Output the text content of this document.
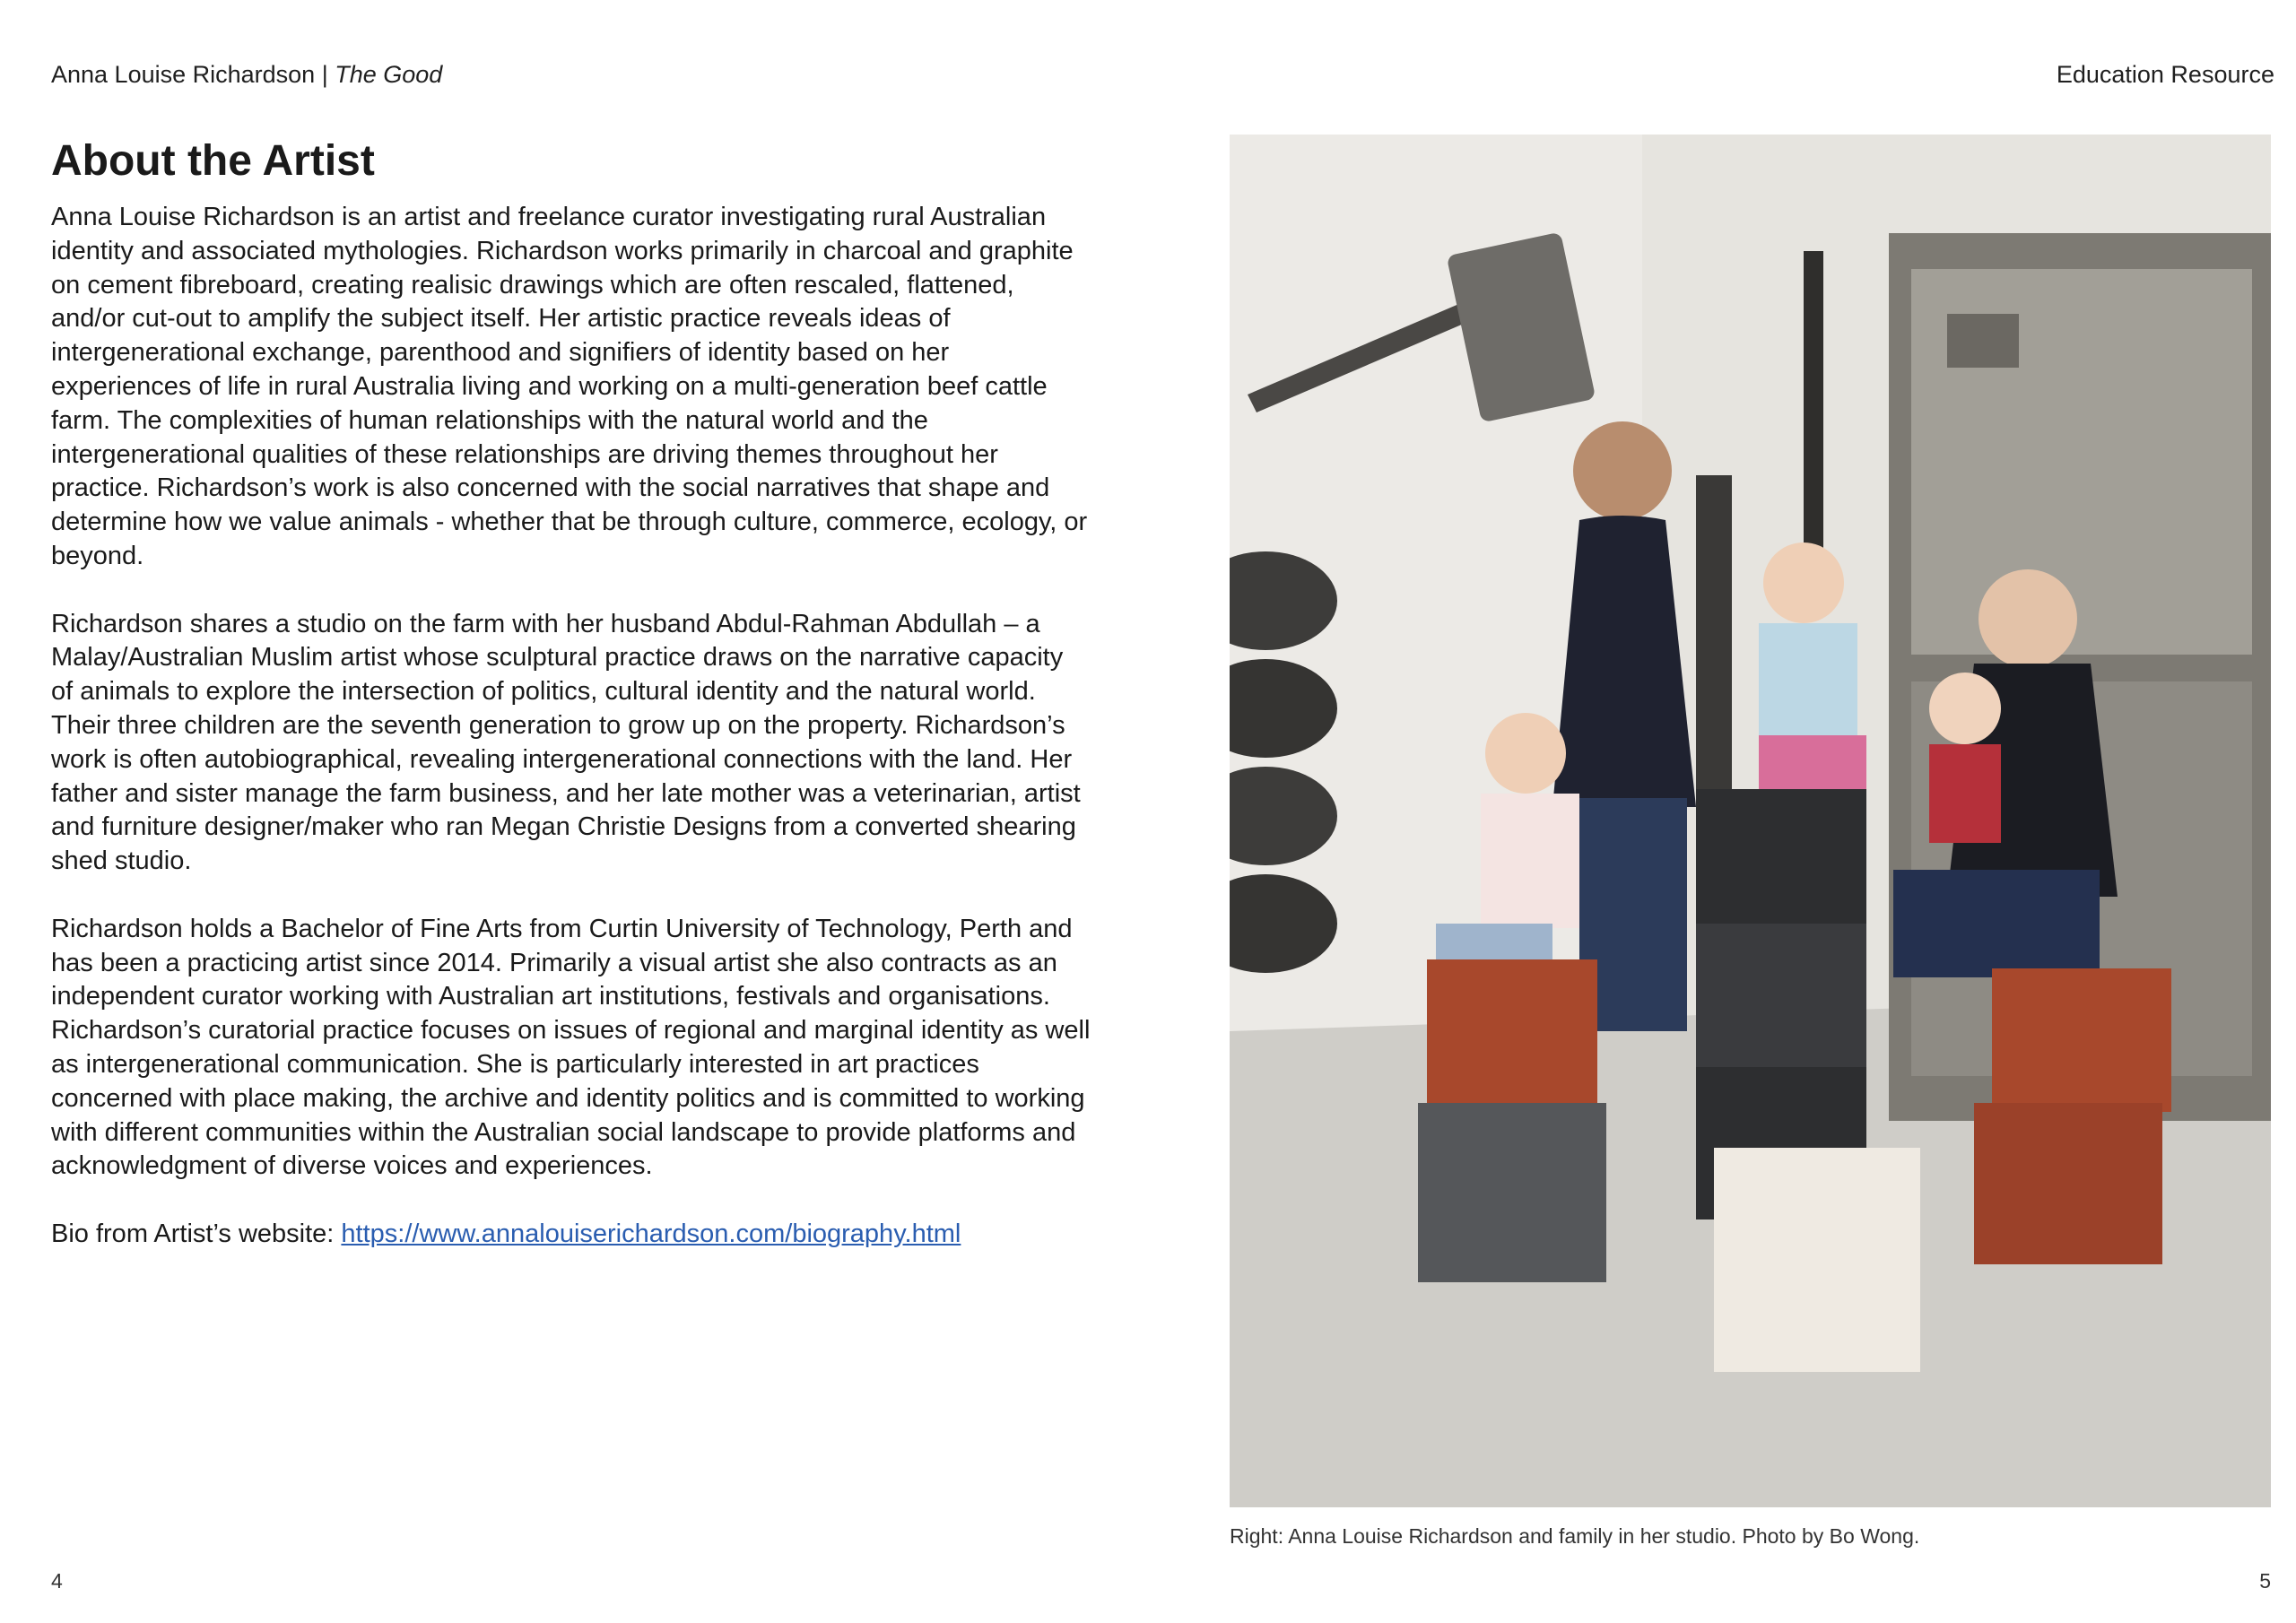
Anna Louise Richardson | The Good	Education Resource
About the Artist

Anna Louise Richardson is an artist and freelance curator investigating rural Australian identity and associated mythologies. Richardson works primarily in charcoal and graphite on cement fibreboard, creating realisic drawings which are often rescaled, flattened, and/or cut-out to amplify the subject itself. Her artistic practice reveals ideas of intergenerational exchange, parenthood and signifiers of identity based on her experiences of life in rural Australia living and working on a multi-generation beef cattle farm. The complexities of human relationships with the natural world and the intergenerational qualities of these relationships are driving themes throughout her practice. Richardson’s work is also concerned with the social narratives that shape and determine how we value animals - whether that be through culture, commerce, ecology, or beyond.

Richardson shares a studio on the farm with her husband Abdul-Rahman Abdullah – a Malay/Australian Muslim artist whose sculptural practice draws on the narrative capacity of animals to explore the intersection of politics, cultural identity and the natural world. Their three children are the seventh generation to grow up on the property. Richardson’s work is often autobiographical, revealing intergenerational connections with the land. Her father and sister manage the farm business, and her late mother was a veterinarian, artist and furniture designer/maker who ran Megan Christie Designs from a converted shearing shed studio.

Richardson holds a Bachelor of Fine Arts from Curtin University of Technology, Perth and has been a practicing artist since 2014. Primarily a visual artist she also contracts as an independent curator working with Australian art institutions, festivals and organisations. Richardson’s curatorial practice focuses on issues of regional and marginal identity as well as intergenerational communication. She is particularly interested in art practices concerned with place making, the archive and identity politics and is committed to working with different communities within the Australian social landscape to provide platforms and acknowledgment of diverse voices and experiences.

Bio from Artist’s website: https://www.annalouiserichardson.com/biography.html

Right: Anna Louise Richardson and family in her studio. Photo by Bo Wong.
4	5
